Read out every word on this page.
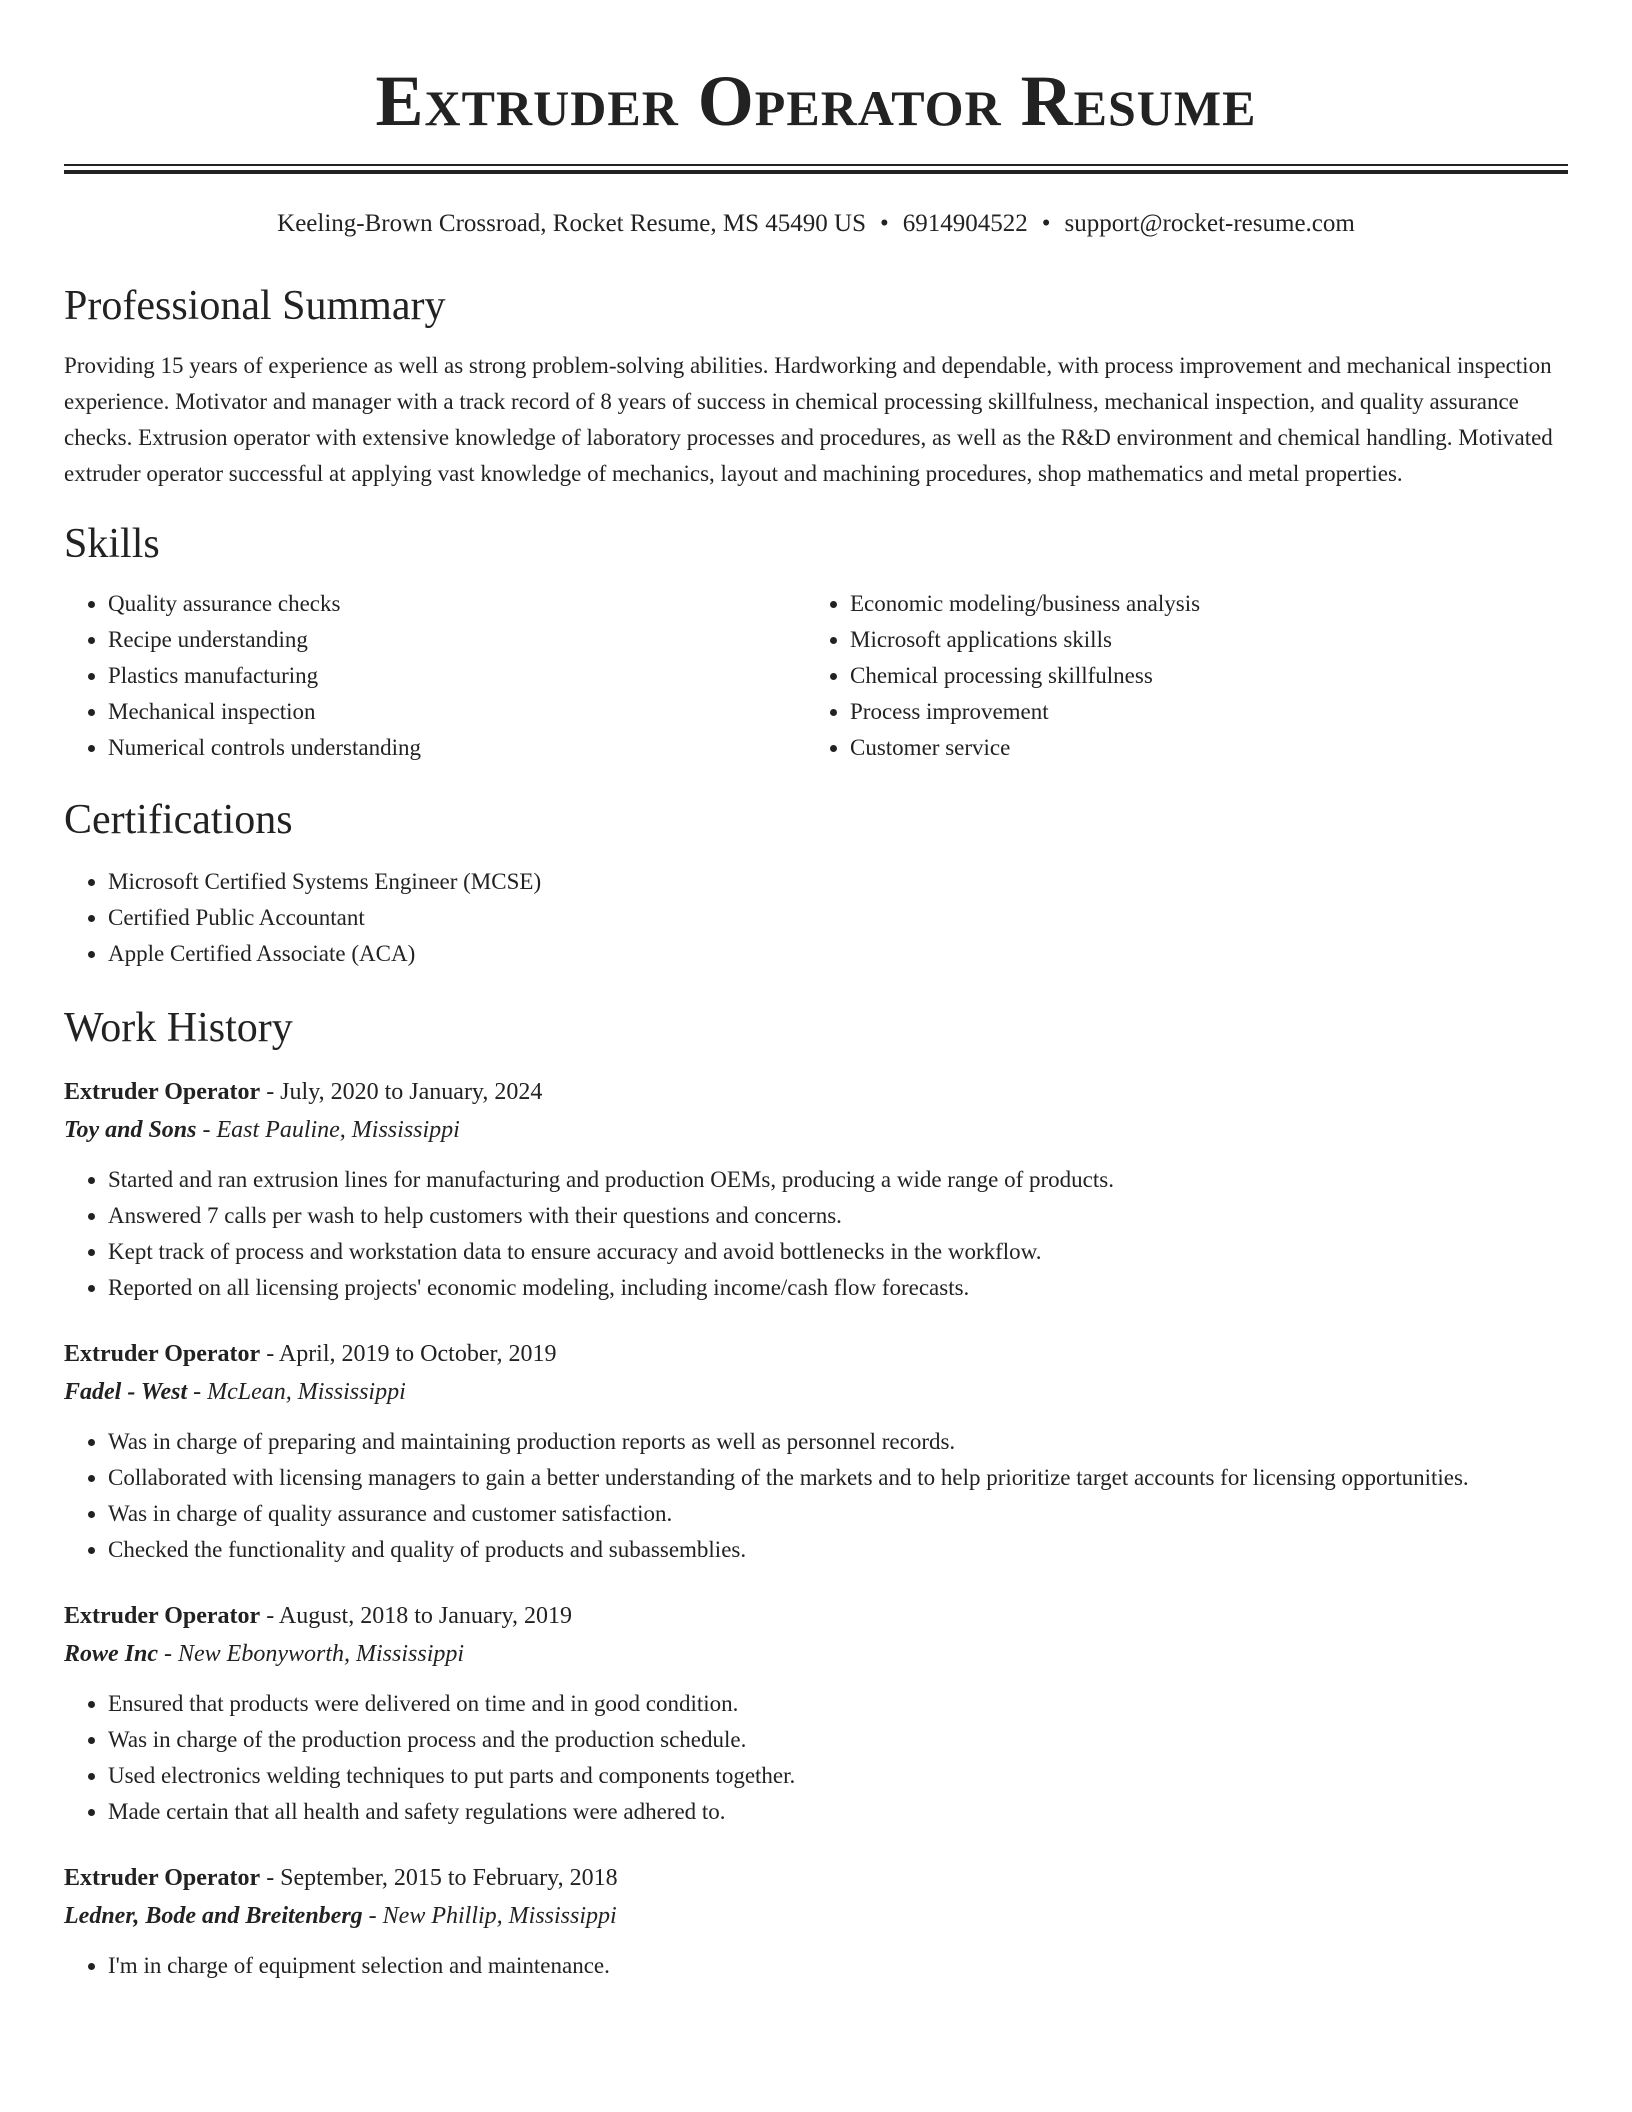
Extruder Operator Resume
Keeling-Brown Crossroad, Rocket Resume, MS 45490 US • 6914904522 • support@rocket-resume.com
Professional Summary

Providing 15 years of experience as well as strong problem-solving abilities. Hardworking and dependable, with process improvement and mechanical inspection experience. Motivator and manager with a track record of 8 years of success in chemical processing skillfulness, mechanical inspection, and quality assurance checks. Extrusion operator with extensive knowledge of laboratory processes and procedures, as well as the R&D environment and chemical handling. Motivated extruder operator successful at applying vast knowledge of mechanics, layout and machining procedures, shop mathematics and metal properties.

Skills
• Quality assurance checks
• Recipe understanding
• Plastics manufacturing
• Mechanical inspection
• Numerical controls understanding
• Economic modeling/business analysis
• Microsoft applications skills
• Chemical processing skillfulness
• Process improvement
• Customer service
Certifications
• Microsoft Certified Systems Engineer (MCSE)
• Certified Public Accountant
• Apple Certified Associate (ACA)
Work History
Extruder Operator - July, 2020 to January, 2024
Toy and Sons - East Pauline, Mississippi
• Started and ran extrusion lines for manufacturing and production OEMs, producing a wide range of products.
• Answered 7 calls per wash to help customers with their questions and concerns.
• Kept track of process and workstation data to ensure accuracy and avoid bottlenecks in the workflow.
• Reported on all licensing projects' economic modeling, including income/cash flow forecasts.
Extruder Operator - April, 2019 to October, 2019
Fadel - West - McLean, Mississippi
• Was in charge of preparing and maintaining production reports as well as personnel records.
• Collaborated with licensing managers to gain a better understanding of the markets and to help prioritize target accounts for licensing opportunities.
• Was in charge of quality assurance and customer satisfaction.
• Checked the functionality and quality of products and subassemblies.
Extruder Operator - August, 2018 to January, 2019
Rowe Inc - New Ebonyworth, Mississippi
• Ensured that products were delivered on time and in good condition.
• Was in charge of the production process and the production schedule.
• Used electronics welding techniques to put parts and components together.
• Made certain that all health and safety regulations were adhered to.
Extruder Operator - September, 2015 to February, 2018
Ledner, Bode and Breitenberg - New Phillip, Mississippi
• I'm in charge of equipment selection and maintenance.
